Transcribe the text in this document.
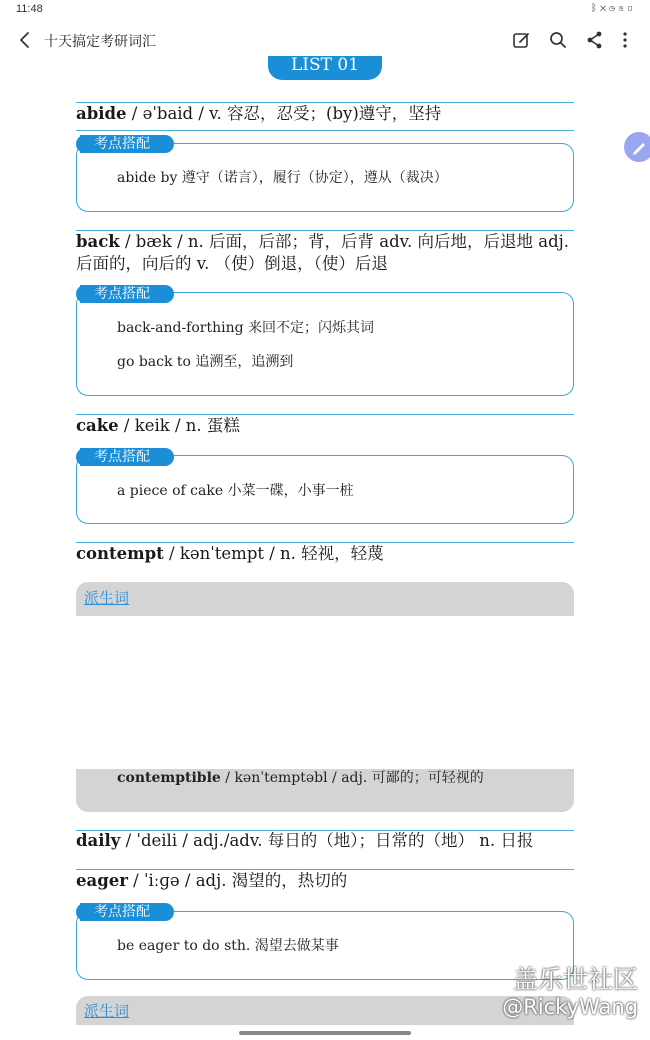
11:48	ᛒ✕◷≋▯
十天搞定考研词汇
LIST 01
abide / əˈbaid / v. 容忍，忍受；(by)遵守，坚持
考点搭配
abide by 遵守（诺言），履行（协定），遵从（裁决）
back / bæk / n. 后面，后部；背，后背 adv. 向后地，后退地 adj.
后面的，向后的 v. （使）倒退，（使）后退
考点搭配
back-and-forthing 来回不定；闪烁其词
go back to 追溯至，追溯到
cake / keik / n. 蛋糕
考点搭配
a piece of cake 小菜一碟，小事一桩
contempt / kənˈtempt / n. 轻视，轻蔑
派生词
contemptible / kənˈtemptəbl / adj. 可鄙的；可轻视的
daily / ˈdeili / adj./adv. 每日的（地）；日常的（地） n. 日报
eager / ˈiːɡə / adj. 渴望的，热切的
考点搭配
be eager to do sth. 渴望去做某事
派生词
盖乐世社区
@RickyWang
